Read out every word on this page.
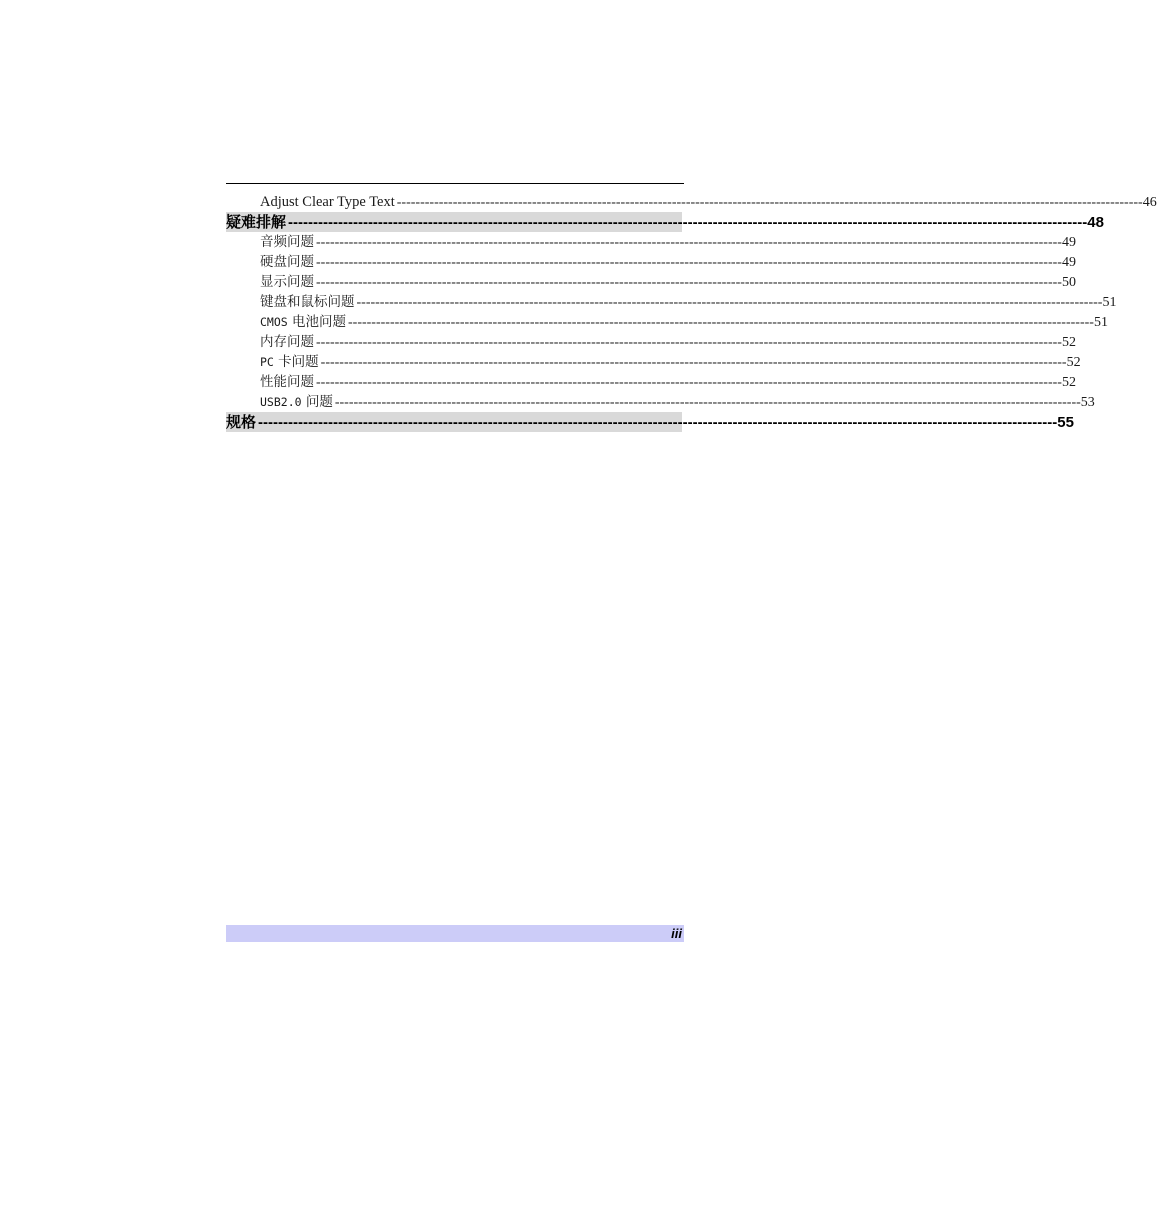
Adjust Clear Type Text ---------------------------------------------------------------------------------------------------------------------------------------------------------------- 46
疑难排解 ---------------------------------------------------------------------------------------------------------------------------------------------------------------- 48
音频问题 ---------------------------------------------------------------------------------------------------------------------------------------------------------------- 49
硬盘问题 ---------------------------------------------------------------------------------------------------------------------------------------------------------------- 49
显示问题 ---------------------------------------------------------------------------------------------------------------------------------------------------------------- 50
键盘和鼠标问题 ---------------------------------------------------------------------------------------------------------------------------------------------------------------- 51
CMOS 电池问题 ---------------------------------------------------------------------------------------------------------------------------------------------------------------- 51
内存问题 ---------------------------------------------------------------------------------------------------------------------------------------------------------------- 52
PC 卡问题 ---------------------------------------------------------------------------------------------------------------------------------------------------------------- 52
性能问题 ---------------------------------------------------------------------------------------------------------------------------------------------------------------- 52
USB2.0 问题 ---------------------------------------------------------------------------------------------------------------------------------------------------------------- 53
规格 ---------------------------------------------------------------------------------------------------------------------------------------------------------------- 55
iii
